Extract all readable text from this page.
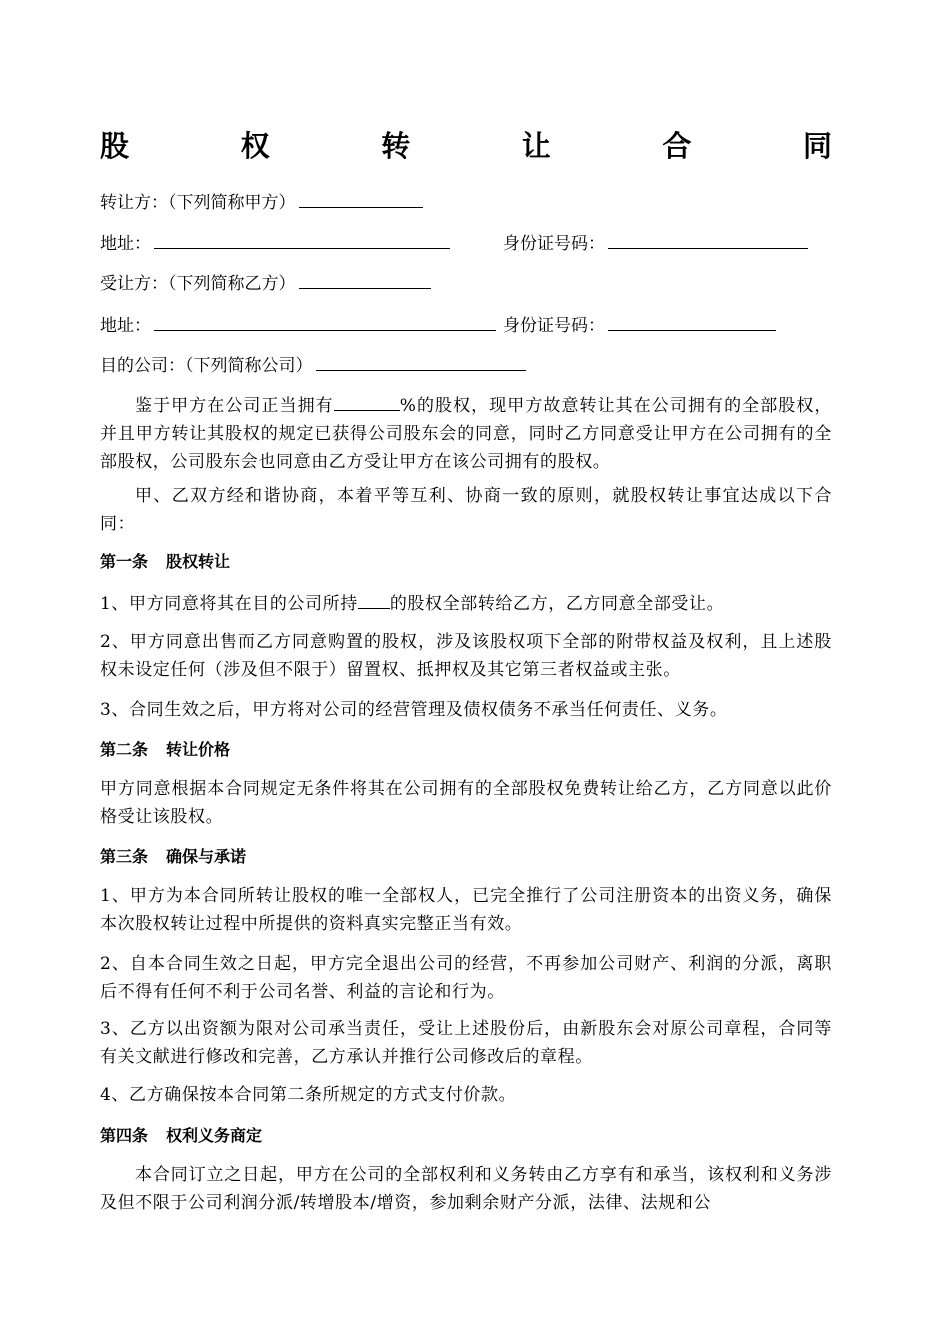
股	权	转	让	合	同
转让方：（下列简称甲方）
地址：	身份证号码：
受让方：（下列简称乙方）
地址：	身份证号码：
目的公司：（下列简称公司）
鉴于甲方在公司正当拥有	%的股权，现甲方故意转让其在公司拥有的全部股权，并且甲方转让其股权的规定已获得公司股东会的同意，同时乙方同意受让甲方在公司拥有的全部股权，公司股东会也同意由乙方受让甲方在该公司拥有的股权。
甲、乙双方经和谐协商，本着平等互利、协商一致的原则，就股权转让事宜达成以下合同：
第一条 股权转让
1、甲方同意将其在目的公司所持 的股权全部转给乙方，乙方同意全部受让。
2、甲方同意出售而乙方同意购置的股权，涉及该股权项下全部的附带权益及权利，且上述股权未设定任何（涉及但不限于）留置权、抵押权及其它第三者权益或主张。
3、合同生效之后，甲方将对公司的经营管理及债权债务不承当任何责任、义务。
第二条 转让价格
甲方同意根据本合同规定无条件将其在公司拥有的全部股权免费转让给乙方，乙方同意以此价格受让该股权。
第三条 确保与承诺
1、甲方为本合同所转让股权的唯一全部权人，已完全推行了公司注册资本的出资义务，确保本次股权转让过程中所提供的资料真实完整正当有效。
2、自本合同生效之日起，甲方完全退出公司的经营，不再参加公司财产、利润的分派，离职后不得有任何不利于公司名誉、利益的言论和行为。
3、乙方以出资额为限对公司承当责任，受让上述股份后，由新股东会对原公司章程，合同等有关文献进行修改和完善，乙方承认并推行公司修改后的章程。
4、乙方确保按本合同第二条所规定的方式支付价款。
第四条 权利义务商定
本合同订立之日起，甲方在公司的全部权利和义务转由乙方享有和承当，该权利和义务涉及但不限于公司利润分派/转增股本/增资，参加剩余财产分派，法律、法规和公
